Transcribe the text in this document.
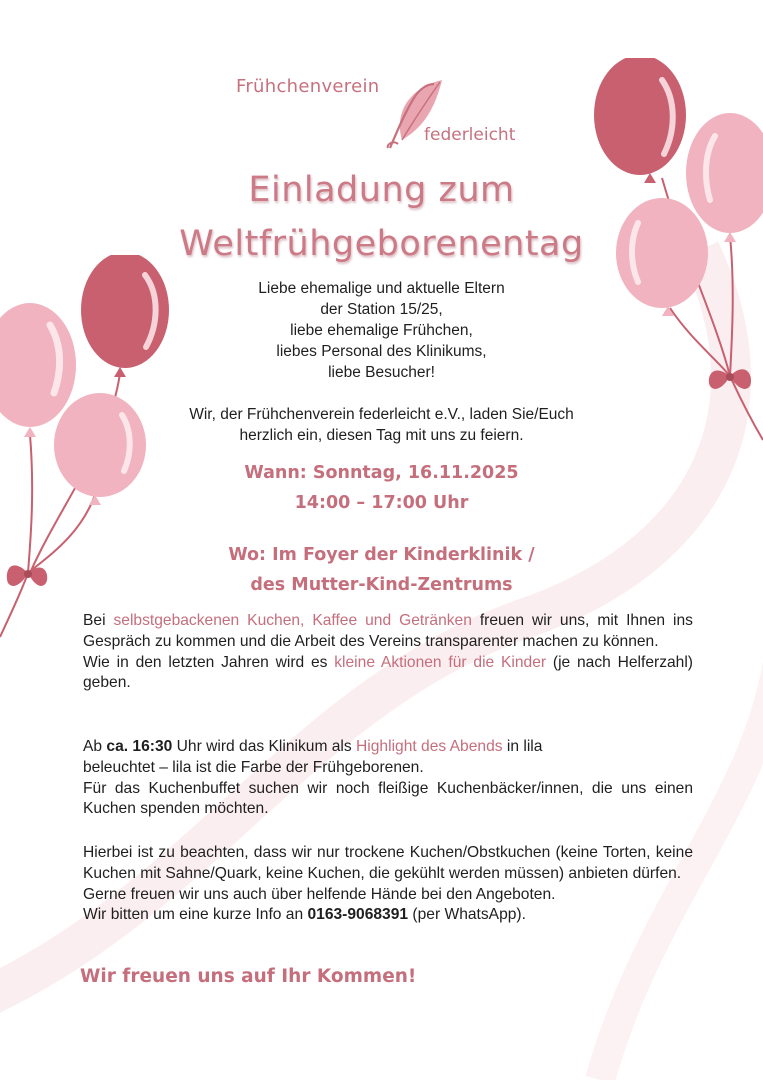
Frühchenverein
federleicht
Einladung zum
Weltfrühgeborenentag
Liebe ehemalige und aktuelle Eltern
der Station 15/25,
liebe ehemalige Frühchen,
liebes Personal des Klinikums,
liebe Besucher!
Wir, der Frühchenverein federleicht e.V., laden Sie/Euch
herzlich ein, diesen Tag mit uns zu feiern.
Wann: Sonntag, 16.11.2025
14:00 – 17:00 Uhr
Wo: Im Foyer der Kinderklinik /
des Mutter-Kind-Zentrums

Bei selbstgebackenen Kuchen, Kaffee und Getränken freuen wir uns, mit Ihnen ins Gespräch zu kommen und die Arbeit des Vereins transparenter machen zu können.

Wie in den letzten Jahren wird es kleine Aktionen für die Kinder (je nach Helferzahl) geben.

Ab ca. 16:30 Uhr wird das Klinikum als Highlight des Abends in lila

beleuchtet – lila ist die Farbe der Frühgeborenen.

Für das Kuchenbuffet suchen wir noch fleißige Kuchenbäcker/innen, die uns einen Kuchen spenden möchten.

Hierbei ist zu beachten, dass wir nur trockene Kuchen/Obstkuchen (keine Torten, keine Kuchen mit Sahne/Quark, keine Kuchen, die gekühlt werden müssen) anbieten dürfen.

Gerne freuen wir uns auch über helfende Hände bei den Angeboten.

Wir bitten um eine kurze Info an 0163-9068391 (per WhatsApp).

Wir freuen uns auf Ihr Kommen!
